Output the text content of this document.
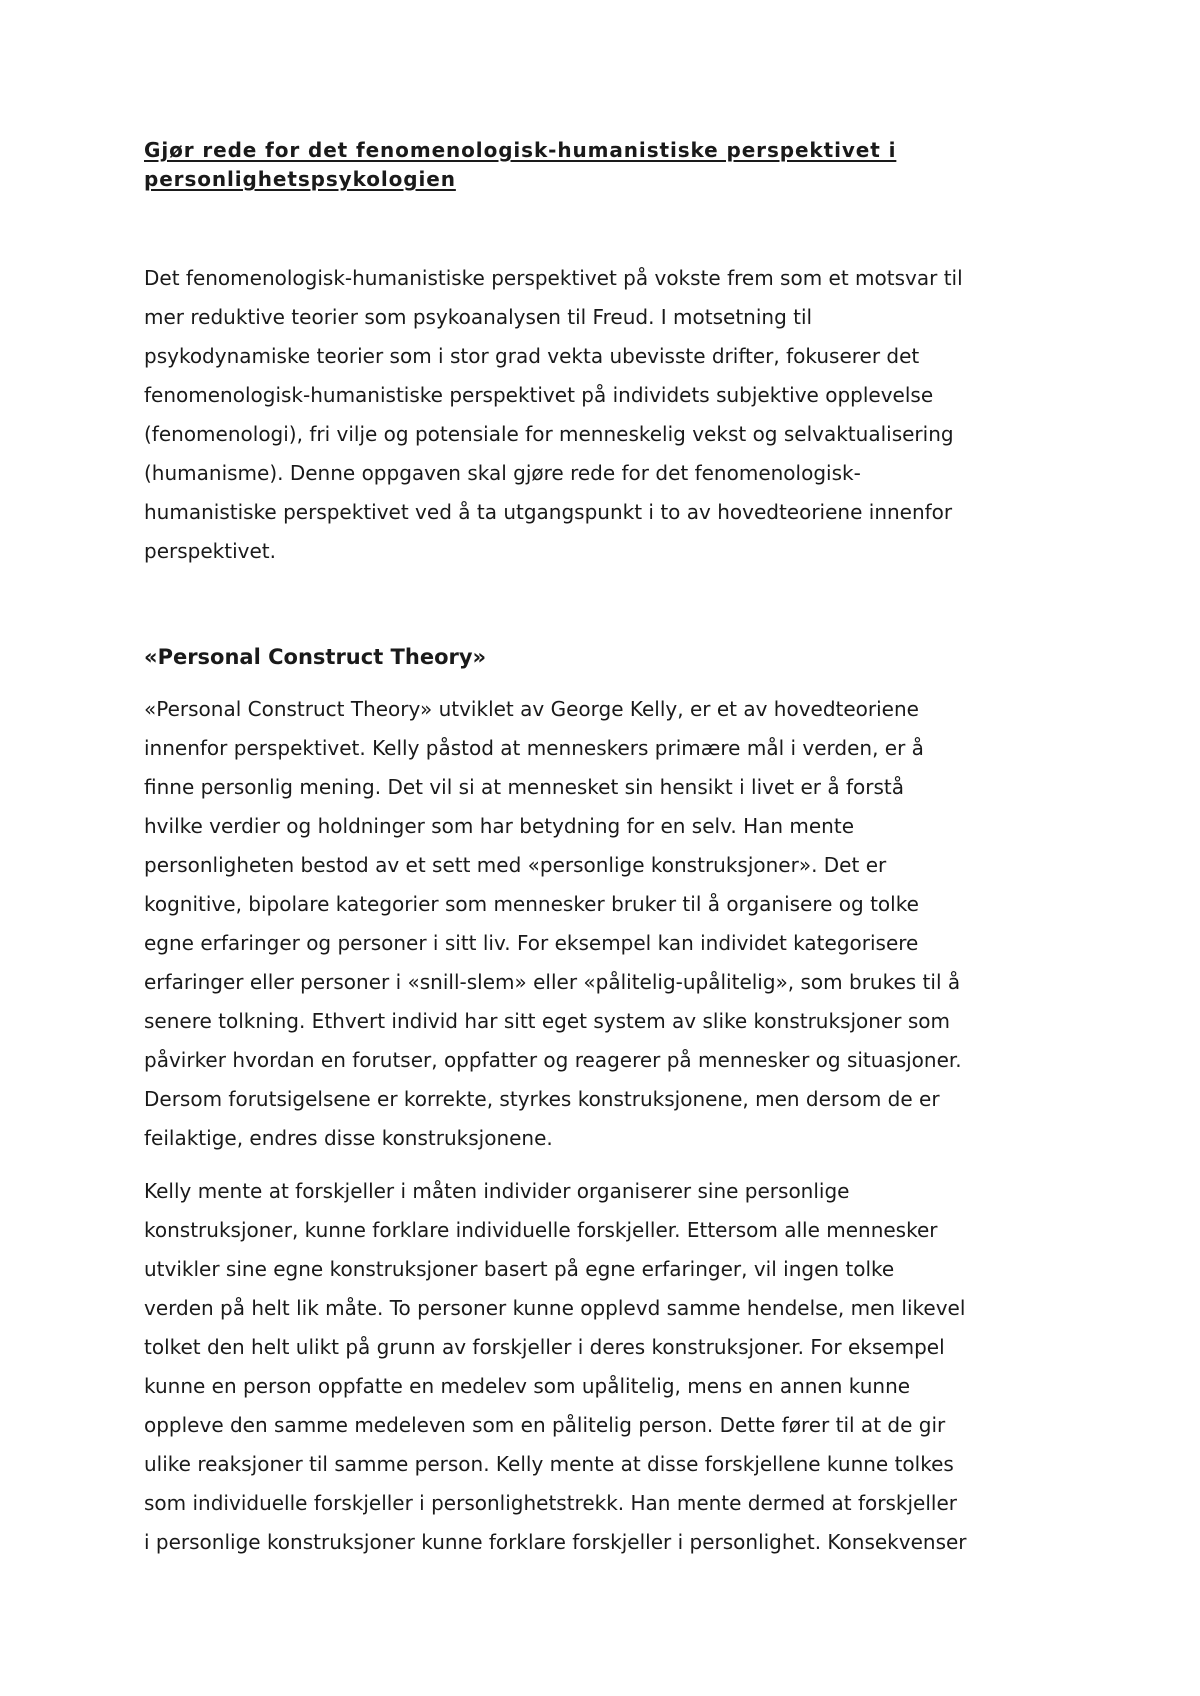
Gjør rede for det fenomenologisk-humanistiske perspektivet i
personlighetspsykologien

Det fenomenologisk-humanistiske perspektivet på vokste frem som et motsvar til
mer reduktive teorier som psykoanalysen til Freud. I motsetning til
psykodynamiske teorier som i stor grad vekta ubevisste drifter, fokuserer det
fenomenologisk-humanistiske perspektivet på individets subjektive opplevelse
(fenomenologi), fri vilje og potensiale for menneskelig vekst og selvaktualisering
(humanisme). Denne oppgaven skal gjøre rede for det fenomenologisk-
humanistiske perspektivet ved å ta utgangspunkt i to av hovedteoriene innenfor
perspektivet.

«Personal Construct Theory»

«Personal Construct Theory» utviklet av George Kelly, er et av hovedteoriene
innenfor perspektivet. Kelly påstod at menneskers primære mål i verden, er å
finne personlig mening. Det vil si at mennesket sin hensikt i livet er å forstå
hvilke verdier og holdninger som har betydning for en selv. Han mente
personligheten bestod av et sett med «personlige konstruksjoner». Det er
kognitive, bipolare kategorier som mennesker bruker til å organisere og tolke
egne erfaringer og personer i sitt liv. For eksempel kan individet kategorisere
erfaringer eller personer i «snill-slem» eller «pålitelig-upålitelig», som brukes til å
senere tolkning. Ethvert individ har sitt eget system av slike konstruksjoner som
påvirker hvordan en forutser, oppfatter og reagerer på mennesker og situasjoner.
Dersom forutsigelsene er korrekte, styrkes konstruksjonene, men dersom de er
feilaktige, endres disse konstruksjonene.

Kelly mente at forskjeller i måten individer organiserer sine personlige
konstruksjoner, kunne forklare individuelle forskjeller. Ettersom alle mennesker
utvikler sine egne konstruksjoner basert på egne erfaringer, vil ingen tolke
verden på helt lik måte. To personer kunne opplevd samme hendelse, men likevel
tolket den helt ulikt på grunn av forskjeller i deres konstruksjoner. For eksempel
kunne en person oppfatte en medelev som upålitelig, mens en annen kunne
oppleve den samme medeleven som en pålitelig person. Dette fører til at de gir
ulike reaksjoner til samme person. Kelly mente at disse forskjellene kunne tolkes
som individuelle forskjeller i personlighetstrekk. Han mente dermed at forskjeller
i personlige konstruksjoner kunne forklare forskjeller i personlighet. Konsekvenser
